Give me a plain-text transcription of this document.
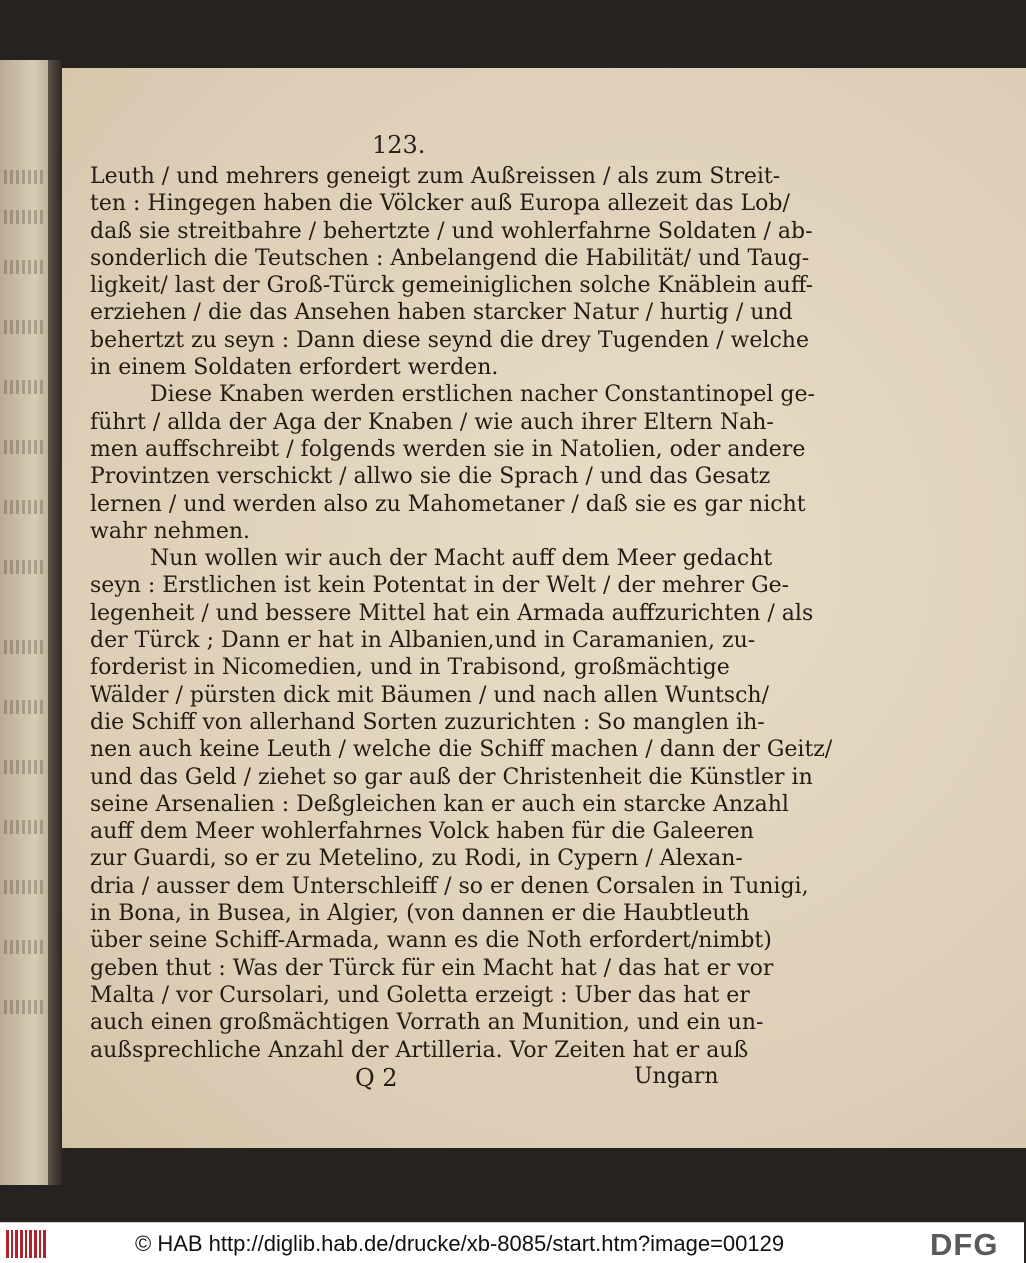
123.
Leuth / und mehrers geneigt zum Außreissen / als zum Streit-
ten : Hingegen haben die Völcker auß Europa allezeit das Lob/
daß sie streitbahre / behertzte / und wohlerfahrne Soldaten / ab-
sonderlich die Teutschen : Anbelangend die Habilität/ und Taug-
ligkeit/ last der Groß-Türck gemeiniglichen solche Knäblein auff-
erziehen / die das Ansehen haben starcker Natur / hurtig / und
behertzt zu seyn : Dann diese seynd die drey Tugenden / welche
in einem Soldaten erfordert werden.
Diese Knaben werden erstlichen nacher Constantinopel ge-
führt / allda der Aga der Knaben / wie auch ihrer Eltern Nah-
men auffschreibt / folgends werden sie in Natolien, oder andere
Provintzen verschickt / allwo sie die Sprach / und das Gesatz
lernen / und werden also zu Mahometaner / daß sie es gar nicht
wahr nehmen.
Nun wollen wir auch der Macht auff dem Meer gedacht
seyn : Erstlichen ist kein Potentat in der Welt / der mehrer Ge-
legenheit / und bessere Mittel hat ein Armada auffzurichten / als
der Türck ; Dann er hat in Albanien,und in Caramanien, zu-
forderist in Nicomedien, und in Trabisond, großmächtige
Wälder / pürsten dick mit Bäumen / und nach allen Wuntsch/
die Schiff von allerhand Sorten zuzurichten : So manglen ih-
nen auch keine Leuth / welche die Schiff machen / dann der Geitz/
und das Geld / ziehet so gar auß der Christenheit die Künstler in
seine Arsenalien : Deßgleichen kan er auch ein starcke Anzahl
auff dem Meer wohlerfahrnes Volck haben für die Galeeren
zur Guardi, so er zu Metelino, zu Rodi, in Cypern / Alexan-
dria / ausser dem Unterschleiff / so er denen Corsalen in Tunigi,
in Bona, in Busea, in Algier, (von dannen er die Haubtleuth
über seine Schiff-Armada, wann es die Noth erfordert/nimbt)
geben thut : Was der Türck für ein Macht hat / das hat er vor
Malta / vor Cursolari, und Goletta erzeigt : Uber das hat er
auch einen großmächtigen Vorrath an Munition, und ein un-
außsprechliche Anzahl der Artilleria. Vor Zeiten hat er auß
Q 2	Ungarn
© HAB http://diglib.hab.de/drucke/xb-8085/start.htm?image=00129	DFG
